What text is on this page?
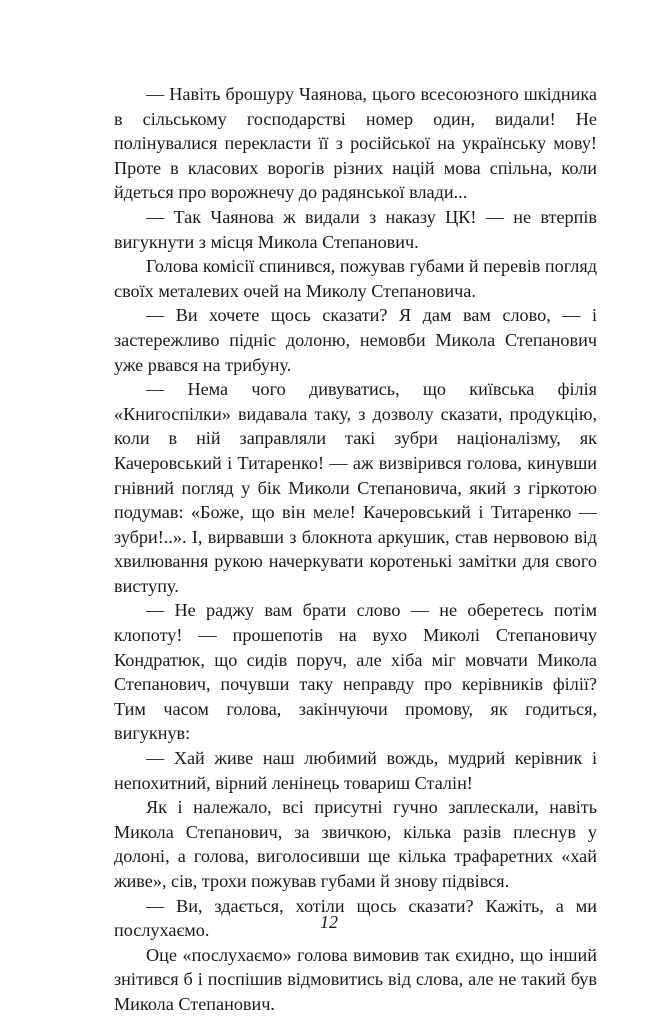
— Навіть брошуру Чаянова, цього всесоюзного шкідника в сільському господарстві номер один, видали! Не полінувалися перекласти її з російської на українську мову! Проте в класових ворогів різних націй мова спільна, коли йдеться про ворожнечу до радянської влади...

— Так Чаянова ж видали з наказу ЦК! — не втерпів вигукнути з місця Микола Степанович.

Голова комісії спинився, пожував губами й перевів погляд своїх металевих очей на Миколу Степановича.

— Ви хочете щось сказати? Я дам вам слово, — і застережливо підніс долоню, немовби Микола Степанович уже рвався на трибуну.

— Нема чого дивуватись, що київська філія «Книгоспілки» видавала таку, з дозволу сказати, продукцію, коли в ній заправляли такі зубри націоналізму, як Качеровський і Титаренко! — аж визвірився голова, кинувши гнівний погляд у бік Миколи Степановича, який з гіркотою подумав: «Боже, що він меле! Качеровський і Титаренко — зубри!..». І, вирвавши з блокнота аркушик, став нервовою від хвилювання рукою начеркувати коротенькі замітки для свого виступу.

— Не раджу вам брати слово — не оберетесь потім клопоту! — прошепотів на вухо Миколі Степановичу Кондратюк, що сидів поруч, але хіба міг мовчати Микола Степанович, почувши таку неправду про керівників філії? Тим часом голова, закінчуючи промову, як годиться, вигукнув:

— Хай живе наш любимий вождь, мудрий керівник і непохитний, вірний ленінець товариш Сталін!

Як і належало, всі присутні гучно заплескали, навіть Микола Степанович, за звичкою, кілька разів плеснув у долоні, а голова, виголосивши ще кілька трафаретних «хай живе», сів, трохи пожував губами й знову підвівся.

— Ви, здається, хотіли щось сказати? Кажіть, а ми послухаємо.

Оце «послухаємо» голова вимовив так єхидно, що інший знітився б і поспішив відмовитись від слова, але не такий був Микола Степанович.

12
